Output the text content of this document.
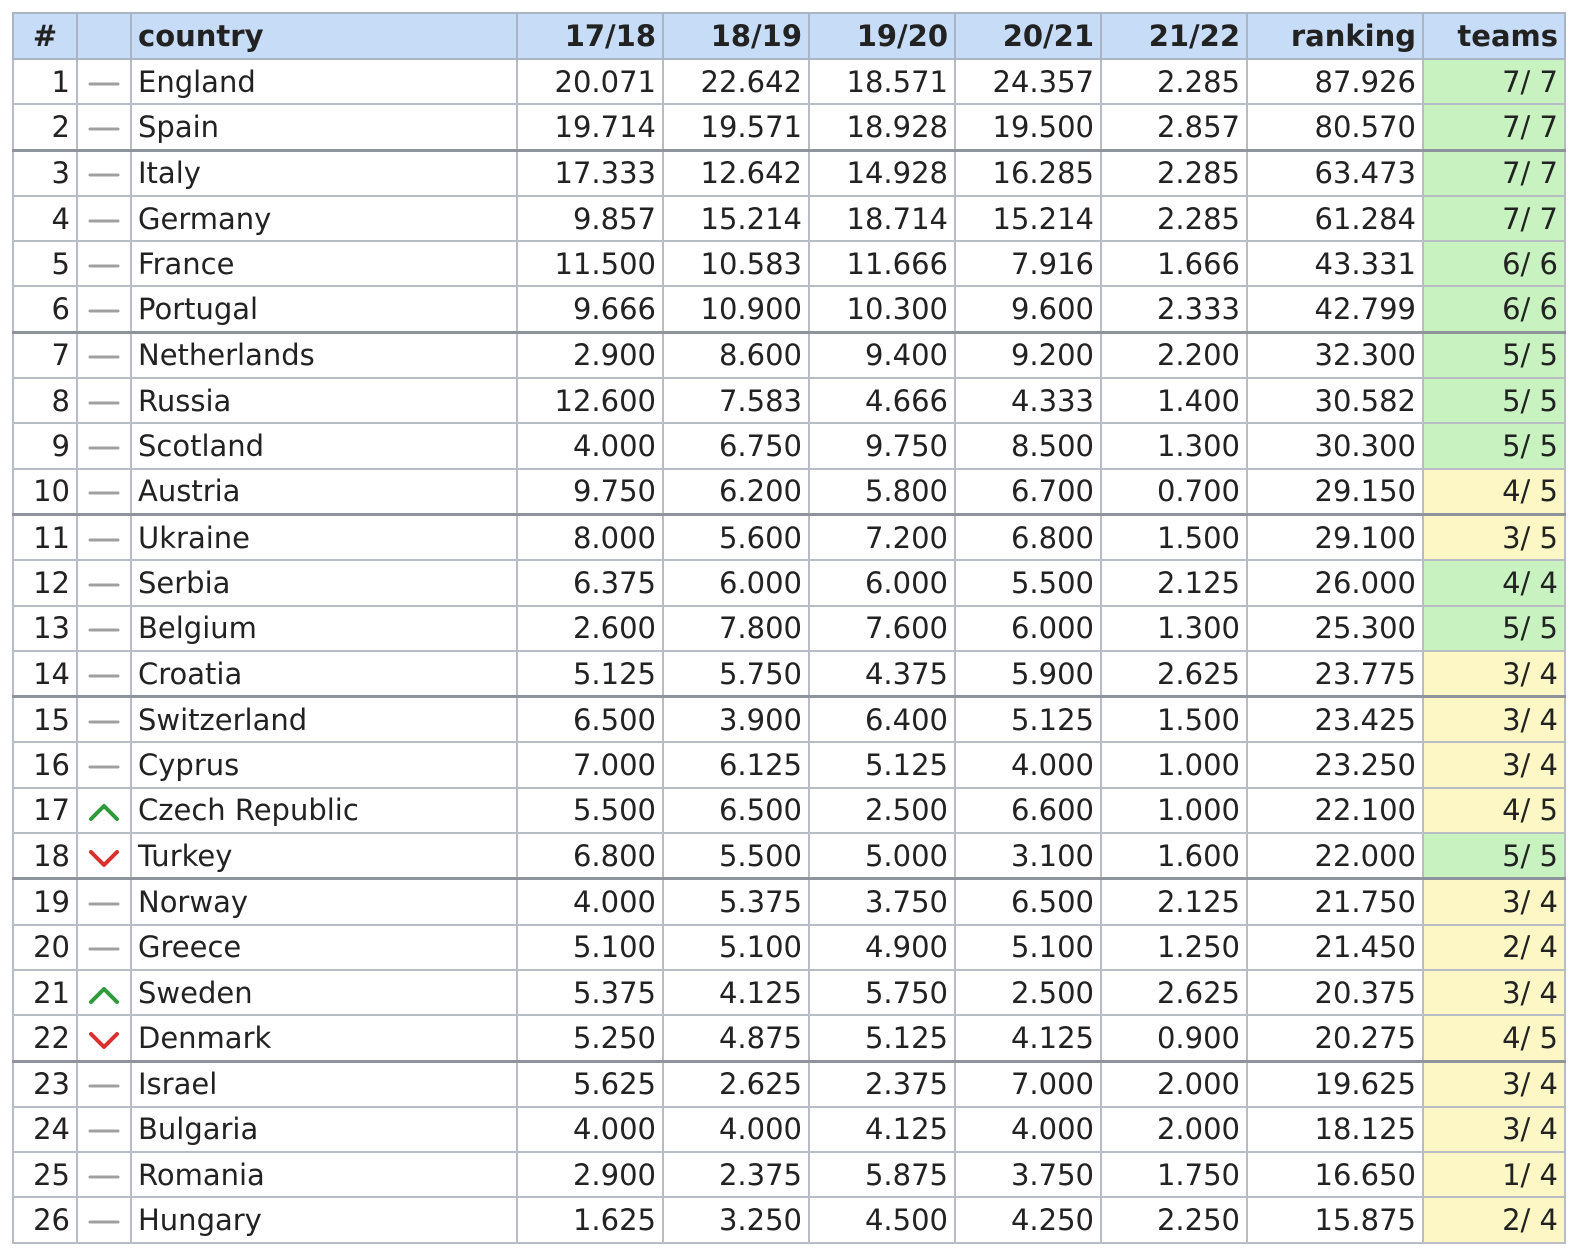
#		country	17/18	18/19	19/20	20/21	21/22	ranking	teams
1		England	20.071	22.642	18.571	24.357	2.285	87.926	7/ 7
2		Spain	19.714	19.571	18.928	19.500	2.857	80.570	7/ 7
3		Italy	17.333	12.642	14.928	16.285	2.285	63.473	7/ 7
4		Germany	9.857	15.214	18.714	15.214	2.285	61.284	7/ 7
5		France	11.500	10.583	11.666	7.916	1.666	43.331	6/ 6
6		Portugal	9.666	10.900	10.300	9.600	2.333	42.799	6/ 6
7		Netherlands	2.900	8.600	9.400	9.200	2.200	32.300	5/ 5
8		Russia	12.600	7.583	4.666	4.333	1.400	30.582	5/ 5
9		Scotland	4.000	6.750	9.750	8.500	1.300	30.300	5/ 5
10		Austria	9.750	6.200	5.800	6.700	0.700	29.150	4/ 5
11		Ukraine	8.000	5.600	7.200	6.800	1.500	29.100	3/ 5
12		Serbia	6.375	6.000	6.000	5.500	2.125	26.000	4/ 4
13		Belgium	2.600	7.800	7.600	6.000	1.300	25.300	5/ 5
14		Croatia	5.125	5.750	4.375	5.900	2.625	23.775	3/ 4
15		Switzerland	6.500	3.900	6.400	5.125	1.500	23.425	3/ 4
16		Cyprus	7.000	6.125	5.125	4.000	1.000	23.250	3/ 4
17		Czech Republic	5.500	6.500	2.500	6.600	1.000	22.100	4/ 5
18		Turkey	6.800	5.500	5.000	3.100	1.600	22.000	5/ 5
19		Norway	4.000	5.375	3.750	6.500	2.125	21.750	3/ 4
20		Greece	5.100	5.100	4.900	5.100	1.250	21.450	2/ 4
21		Sweden	5.375	4.125	5.750	2.500	2.625	20.375	3/ 4
22		Denmark	5.250	4.875	5.125	4.125	0.900	20.275	4/ 5
23		Israel	5.625	2.625	2.375	7.000	2.000	19.625	3/ 4
24		Bulgaria	4.000	4.000	4.125	4.000	2.000	18.125	3/ 4
25		Romania	2.900	2.375	5.875	3.750	1.750	16.650	1/ 4
26		Hungary	1.625	3.250	4.500	4.250	2.250	15.875	2/ 4
